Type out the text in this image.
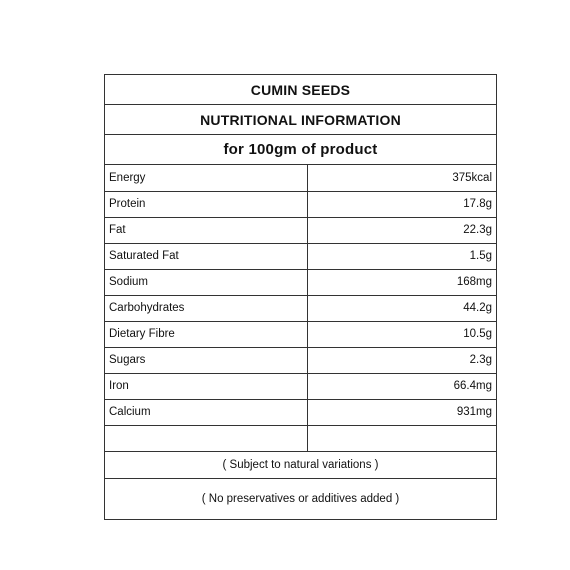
CUMIN SEEDS
NUTRITIONAL INFORMATION
for 100gm of product
Energy	375kcal
Protein	17.8g
Fat	22.3g
Saturated Fat	1.5g
Sodium	168mg
Carbohydrates	44.2g
Dietary Fibre	10.5g
Sugars	2.3g
Iron	66.4mg
Calcium	931mg

( Subject to natural variations )
( No preservatives or additives added )
